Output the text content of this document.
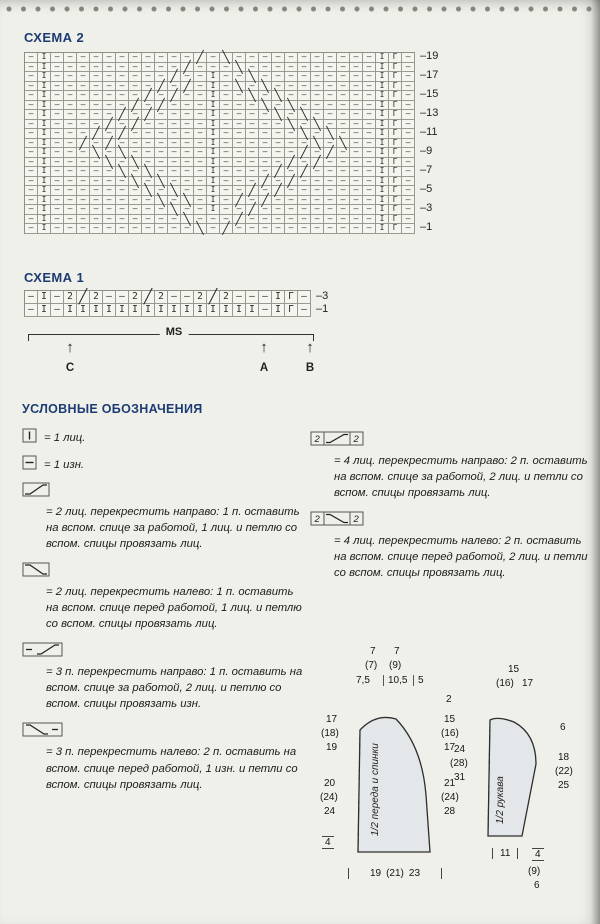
СХЕМА 2
–	I	–	–	–	–	–	–	–	–	–	–	– ╱ – ╲ –	–	–	–	–	–	–	–	–	–	–	I	Г	–
–	I	–	–	–	–	–	–	–	–	–	– ╱ –	–	– ╲ –	–	–	–	–	–	–	–	–	–	I	Г	–
–	I	–	–	–	–	–	–	–	–	– ╱ –	–	I	–	– ╲ –	–	–	–	–	–	–	–	–	I	Г	–
–	I	–	–	–	–	–	–	–	– ╱ – ╱ –	I	– ╲ – ╲ –	–	–	–	–	–	–	–	I	Г	–
–	I	–	–	–	–	–	–	– ╱ – ╱ –	–	I	–	– ╲ – ╲ –	–	–	–	–	–	–	I	Г	–
–	I	–	–	–	–	–	– ╱ – ╱ –	–	–	I	–	–	– ╲ – ╲ –	–	–	–	–	–	I	Г	–
–	I	–	–	–	–	– ╱ – ╱ –	–	–	–	I	–	–	–	– ╲ – ╲ –	–	–	–	–	I	Г	–
–	I	–	–	–	– ╱ – ╱ –	–	–	–	–	I	–	–	–	–	– ╲ – ╲ –	–	–	–	I	Г	–
–	I	–	–	– ╱ – ╱ –	–	–	–	–	–	I	–	–	–	–	–	– ╲ – ╲ –	–	–	I	Г	–
–	I	–	– ╱ – ╱ –	–	–	–	–	–	–	I	–	–	–	–	–	–	– ╲ – ╲ –	–	I	Г	–
–	I	–	–	– ╲ – ╲ –	–	–	–	–	–	I	–	–	–	–	–	– ╱ – ╱ –	–	–	I	Г	–
–	I	–	–	–	– ╲ – ╲ –	–	–	–	–	I	–	–	–	–	– ╱ – ╱ –	–	–	–	I	Г	–
–	I	–	–	–	–	– ╲ – ╲ –	–	–	–	I	–	–	–	– ╱ – ╱ –	–	–	–	–	I	Г	–
–	I	–	–	–	–	–	– ╲ – ╲ –	–	–	I	–	–	– ╱ – ╱ –	–	–	–	–	–	I	Г	–
–	I	–	–	–	–	–	–	– ╲ – ╲ –	–	I	–	– ╱ – ╱ –	–	–	–	–	–	–	I	Г	–
–	I	–	–	–	–	–	–	–	– ╲ – ╲ –	I	– ╱ – ╱ –	–	–	–	–	–	–	–	I	Г	–
–	I	–	–	–	–	–	–	–	–	– ╲ –	–	I	–	– ╱ –	–	–	–	–	–	–	–	–	I	Г	–
–	I	–	–	–	–	–	–	–	–	–	– ╲ –	–	– ╱ –	–	–	–	–	–	–	–	–	–	I	Г	–
–	I	–	–	–	–	–	–	–	–	–	–	– ╲ – ╱ –	–	–	–	–	–	–	–	–	–	–	I	Г	–
–19
–17
–15
–13
–11
–9
–7
–5
–3
–1
СХЕМА 1
– I – 2 ╱ 2 – – 2 ╱ 2 – – 2 ╱ 2 – – – I Г –
– I – I I I I I I I I I I I I I I I – I Г –
–3
–1
MS
↑
C
↑
A
↑
B
УСЛОВНЫЕ ОБОЗНАЧЕНИЯ
= 1 лиц.
= 1 изн.
= 2 лиц. перекрестить направо: 1 п. оставить на вспом. спице за работой, 1 лиц. и петлю со вспом. спицы провязать лиц.
= 2 лиц. перекрестить налево: 1 п. оставить на вспом. спице перед работой, 1 лиц. и петлю со вспом. спицы провязать лиц.
= 3 п. перекрестить направо: 1 п. оставить на вспом. спице за работой, 2 лиц. и петлю со вспом. спицы провязать изн.
= 3 п. перекрестить налево: 2 п. оставить на вспом. спице перед работой, 1 изн. и петли со вспом. спицы провязать лиц.
2	2
= 4 лиц. перекрестить направо: 2 п. оставить на вспом. спице за работой, 2 лиц. и петли со вспом. спицы провязать лиц.
2	2
= 4 лиц. перекрестить налево: 2 п. оставить на вспом. спице перед работой, 2 лиц. и петли со вспом. спицы провязать лиц.
1/2 переда и спинки
7 7
(7) (9)
7,5	10,5	5
17
(18)
19
20
(24)
24
2
15
(16)
17
21
(24)
28
4
19 (21) 23
1/2 рукава
15
(16) 17
6
18
(22)
25
24
(28)
31
11	4
(9)
6
